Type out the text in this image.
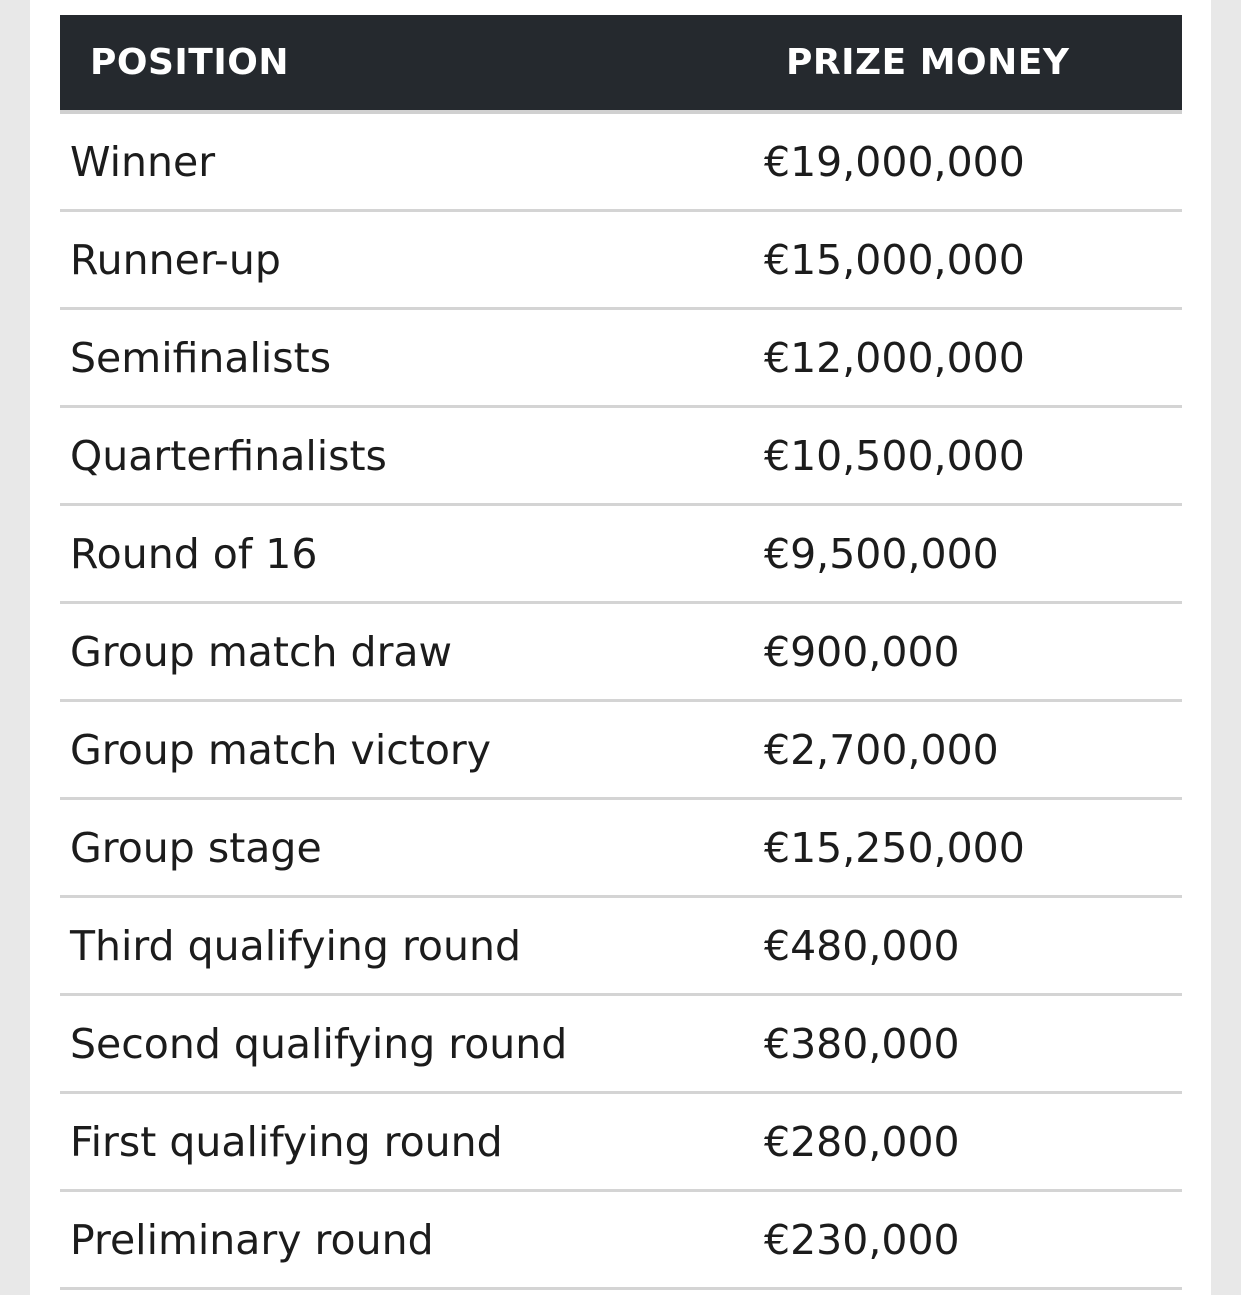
POSITION	PRIZE MONEY
Winner	€19,000,000
Runner-up	€15,000,000
Semifinalists	€12,000,000
Quarterfinalists	€10,500,000
Round of 16	€9,500,000
Group match draw	€900,000
Group match victory	€2,700,000
Group stage	€15,250,000
Third qualifying round	€480,000
Second qualifying round	€380,000
First qualifying round	€280,000
Preliminary round	€230,000
